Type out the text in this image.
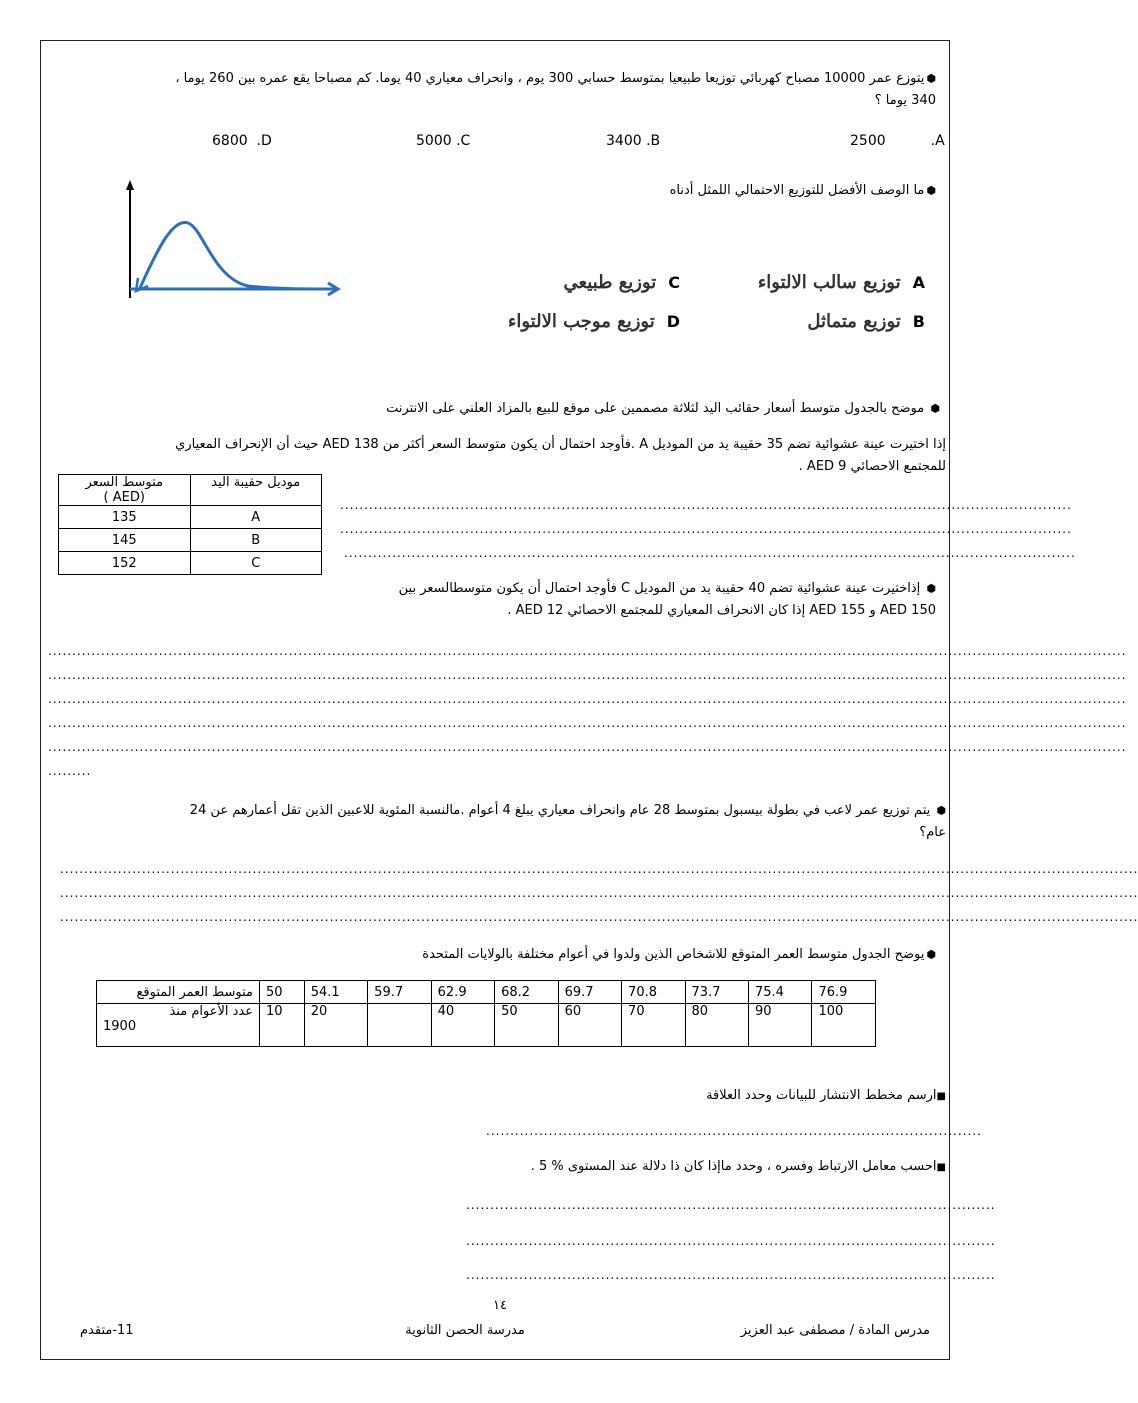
⬢يتوزع عمر 10000 مصباح كهربائي توزيعا طبيعيا بمتوسط حسابي 300 يوم ، وانحراف معياري 40 يوما. كم مصباحا يقع عمره بين 260 يوما ،
340 يوما ؟
2500	.A
3400 .B
5000 .C
6800 .D
⬢ما الوصف الأفضل للتوزيع الاحتمالي اللمثل أدناه
Aتوزيع سالب الالتواء
Bتوزيع متماثل
Cتوزيع طبيعي
Dتوزيع موجب الالتواء
⬢ موضح بالجدول متوسط أسعار حقائب اليد لثلاثة مصممين على موقع للبيع بالمزاد العلني على الانترنت
إذا اختيرت عينة عشوائية تضم 35 حقيبة يد من الموديل A .فأوجد احتمال أن يكون متوسط السعر أكثر من AED 138 حيث أن الإنحراف المعياري
للمجتمع الاحصائي AED 9 .
متوسط السعر
(AED )	موديل حقيبة اليد
135	A
145	B
152	C
........................................................................................................................................................
........................................................................................................................................................
........................................................................................................................................................
⬢ إذاختيرت عينة عشوائية تضم 40 حقيبة يد من الموديل C فأوجد احتمال أن يكون متوسطالسعر بين
AED 150 و AED 155 إذا كان الانحراف المعياري للمجتمع الاحصائي AED 12 .
................................................................................................................................................................................................................................
................................................................................................................................................................................................................................
................................................................................................................................................................................................................................
................................................................................................................................................................................................................................
................................................................................................................................................................................................................................
.........
⬢ يتم توزيع عمر لاعب في بطولة بيسبول بمتوسط 28 عام وانحراف معياري يبلغ 4 أعوام .مالنسبة المئوية للاعبين الذين تقل أعمارهم عن 24
عام؟
................................................................................................................................................................................................................................
................................................................................................................................................................................................................................
................................................................................................................................................................................................................................
⬢يوضح الجدول متوسط العمر المتوقع للاشخاص الذين ولدوا في أعوام مختلفة بالولايات المتحدة
متوسط العمر المتوقع	50	54.1	59.7	62.9	68.2	69.7	70.8	73.7	75.4	76.9
عدد الأعوام منذ

1900	10	20		40	50	60	70	80	90	100
■ارسم مخطط الانتشار للبيانات وحدد العلاقة
.......................................................................................................
■احسب معامل الارتباط وفسره ، وحدد ماإذا كان ذا دلالة عند المستوى % 5 .
..............................................................................................................
..............................................................................................................
..............................................................................................................
١٤
مدرس المادة / مصطفى عبد العزيز
مدرسة الحصن الثانوية
11-متقدم
